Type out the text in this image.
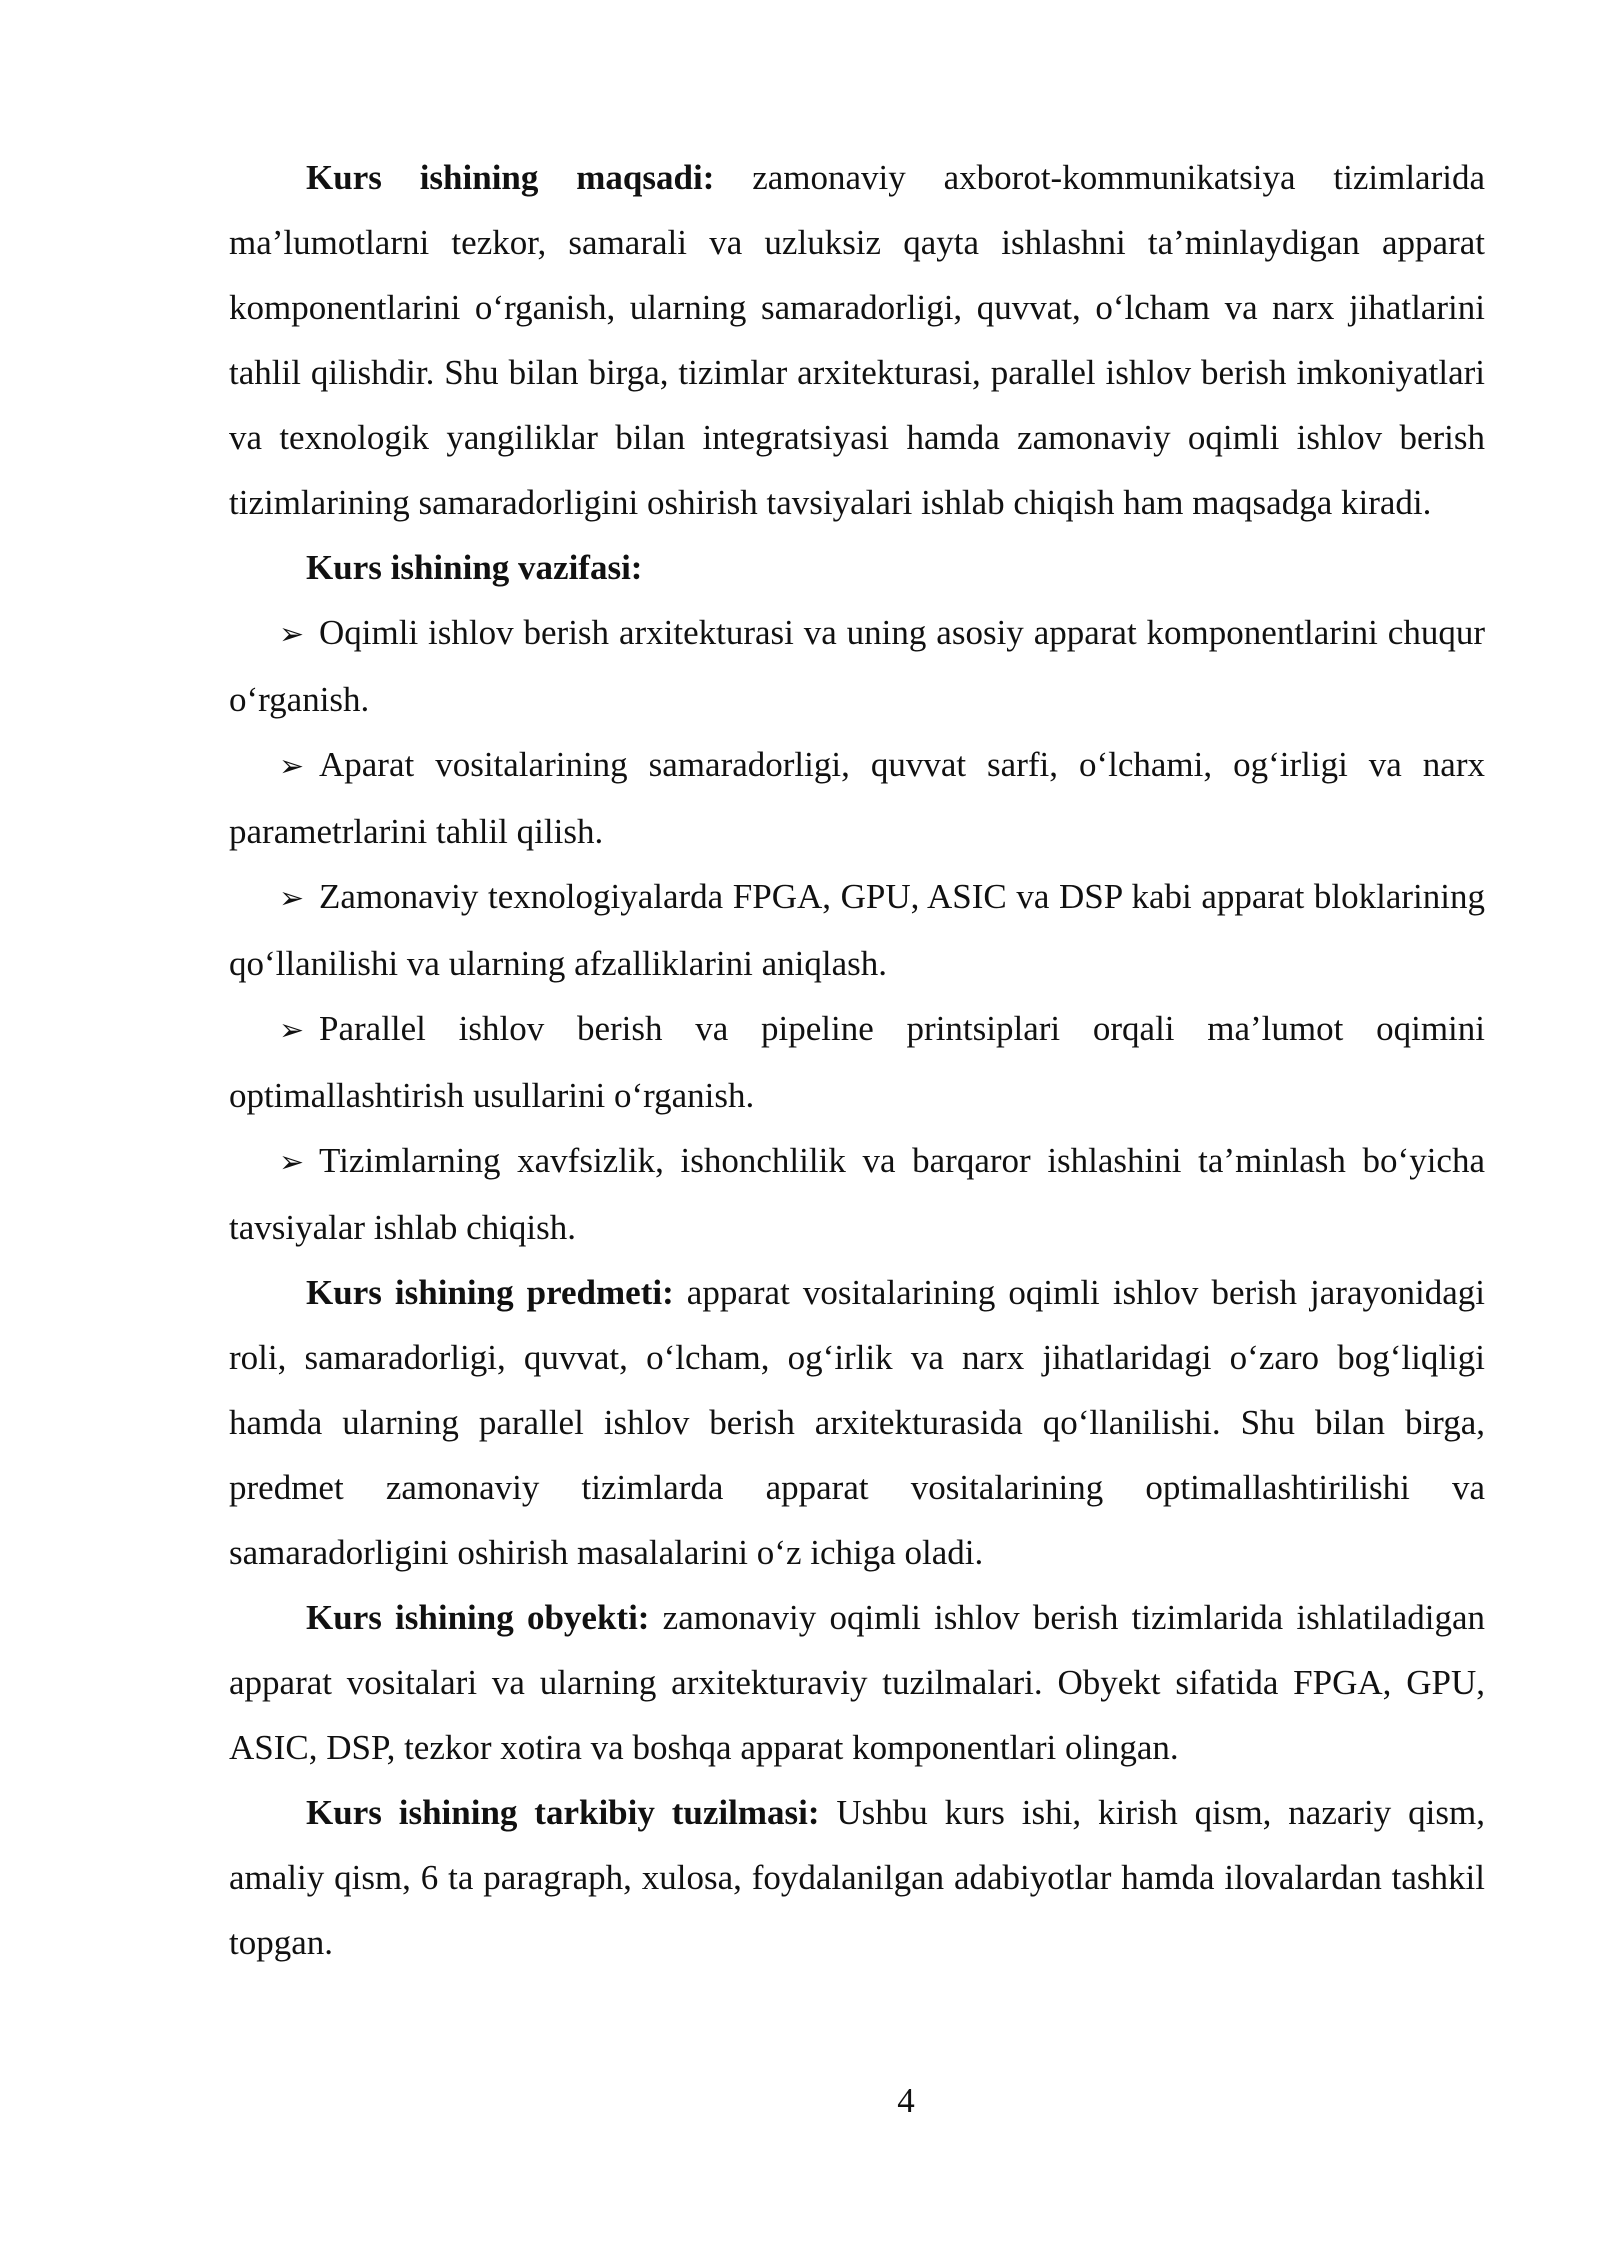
Kurs ishining maqsadi: zamonaviy axborot-kommunikatsiya tizimlarida ma’lumotlarni tezkor, samarali va uzluksiz qayta ishlashni ta’minlaydigan apparat komponentlarini o‘rganish, ularning samaradorligi, quvvat, o‘lcham va narx jihatlarini tahlil qilishdir. Shu bilan birga, tizimlar arxitekturasi, parallel ishlov berish imkoniyatlari va texnologik yangiliklar bilan integratsiyasi hamda zamonaviy oqimli ishlov berish tizimlarining samaradorligini oshirish tavsiyalari ishlab chiqish ham maqsadga kiradi.

Kurs ishining vazifasi:

➢ Oqimli ishlov berish arxitekturasi va uning asosiy apparat komponentlarini chuqur o‘rganish.

➢ Aparat vositalarining samaradorligi, quvvat sarfi, o‘lchami, og‘irligi va narx parametrlarini tahlil qilish.

➢ Zamonaviy texnologiyalarda FPGA, GPU, ASIC va DSP kabi apparat bloklarining qo‘llanilishi va ularning afzalliklarini aniqlash.

➢ Parallel ishlov berish va pipeline printsiplari orqali ma’lumot oqimini optimallashtirish usullarini o‘rganish.

➢ Tizimlarning xavfsizlik, ishonchlilik va barqaror ishlashini ta’minlash bo‘yicha tavsiyalar ishlab chiqish.

Kurs ishining predmeti: apparat vositalarining oqimli ishlov berish jarayonidagi roli, samaradorligi, quvvat, o‘lcham, og‘irlik va narx jihatlaridagi o‘zaro bog‘liqligi hamda ularning parallel ishlov berish arxitekturasida qo‘llanilishi. Shu bilan birga, predmet zamonaviy tizimlarda apparat vositalarining optimallashtirilishi va samaradorligini oshirish masalalarini o‘z ichiga oladi.

Kurs ishining obyekti: zamonaviy oqimli ishlov berish tizimlarida ishlatiladigan apparat vositalari va ularning arxitekturaviy tuzilmalari. Obyekt sifatida FPGA, GPU, ASIC, DSP, tezkor xotira va boshqa apparat komponentlari olingan.

Kurs ishining tarkibiy tuzilmasi: Ushbu kurs ishi, kirish qism, nazariy qism, amaliy qism, 6 ta paragraph, xulosa, foydalanilgan adabiyotlar hamda ilovalardan tashkil topgan.

4
